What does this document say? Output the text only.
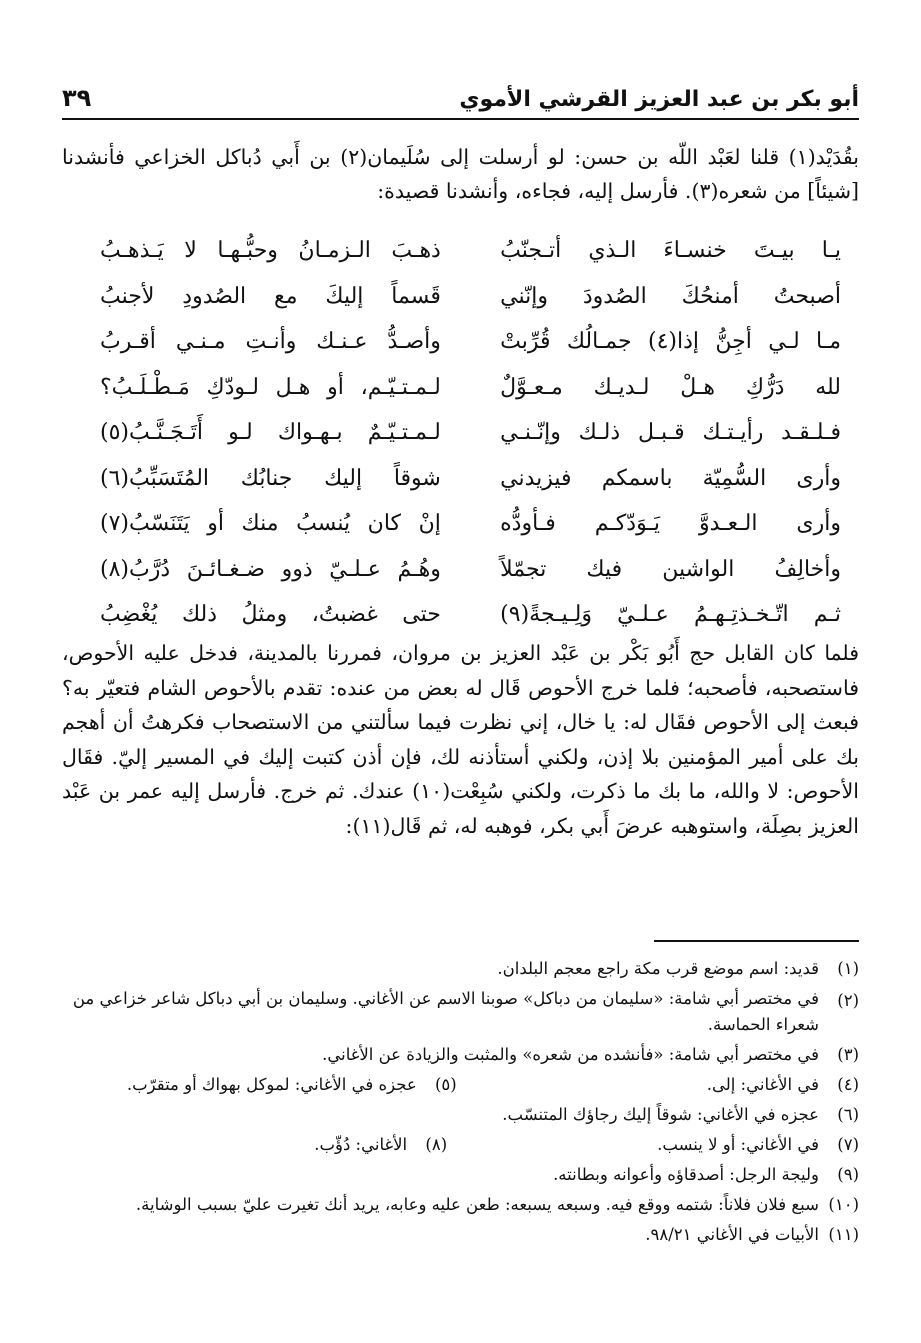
أبو بكر بن عبد العزيز القرشي الأموي
٣٩

بقُدَيْد(١) قلنا لعَبْد اللّه بن حسن: لو أرسلت إلى سُلَيمان(٢) بن أَبي دُباكل الخزاعي فأنشدنا [شيئاً] من شعره(٣). فأرسل إليه، فجاءه، وأنشدنا قصيدة:

يـا بيـتَ خنسـاءَ الـذي أتـجنّبُ
ذهـبَ الـزمـانُ وحبُّـهـا لا يَـذهـبُ
أصبحتُ أمنحُكَ الصُدودَ وإنّني
قَسماً إليكَ مع الصُدودِ لأجنبُ
مـا لـي أجِنُّ إذا(٤) جمـالُك قُرِّبتْ
وأصـدُّ عـنـك وأنـتِ مـنـي أقـربُ
لله دَرُّكِ هـلْ لـديـك مـعـوَّلٌ
لـمـتـيّـم، أو هـل لـودّكِ مَـطْـلَـبُ؟
فـلـقـد رأيـتـك قـبـل ذلـك وإنّـنـي
لـمـتـيّـمٌ بـهـواك لـو أَتَـجَـنَّـبُ(٥)
وأرى السُّمِيّة باسمكم فيزيدني
شوقاً إليك جنابُك المُتَسَبِّبُ(٦)
وأرى الـعـدوَّ يَـوَدّكـم فـأودُّه
إنْ كان يُنسبُ منك أو يَتَنَسّبُ(٧)
وأخالِفُ الواشين فيك تجمّلاً
وهُـمُ عـلـيّ ذوو ضـغـائـنَ دُرَّبُ(٨)
ثـم اتّـخـذتِـهـمُ عـلـيّ وَلِـيـجةً(٩)
حتى غضبتُ، ومثلُ ذلك يُغْضِبُ

فلما كان القابل حج أَبُو بَكْر بن عَبْد العزيز بن مروان، فمررنا بالمدينة، فدخل عليه الأحوص، فاستصحبه، فأصحبه؛ فلما خرج الأحوص قَال له بعض من عنده: تقدم بالأحوص الشام فتعيّر به؟ فبعث إلى الأحوص فقَال له: يا خال، إني نظرت فيما سألتني من الاستصحاب فكرهتُ أن أهجم بك على أمير المؤمنين بلا إذن، ولكني أستأذنه لك، فإن أذن كتبت إليك في المسير إليّ. فقَال الأحوص: لا والله، ما بك ما ذكرت، ولكني سُبِعْت(١٠) عندك. ثم خرج. فأرسل إليه عمر بن عَبْد العزيز بصِلَة، واستوهبه عرضَ أَبي بكر، فوهبه له، ثم قَال(١١):

(١)
قديد: اسم موضع قرب مكة راجع معجم البلدان.
(٢)
في مختصر أبي شامة: «سليمان من دباكل» صوبنا الاسم عن الأغاني. وسليمان بن أبي دباكل شاعر خزاعي من شعراء الحماسة.
(٣)
في مختصر أبي شامة: «فأنشده من شعره» والمثبت والزيادة عن الأغاني.
(٤)
في الأغاني: إلى.
(٥)
عجزه في الأغاني: لموكل بهواك أو متقرّب.
(٦)
عجزه في الأغاني: شوقاً إليك رجاؤك المتنسّب.
(٧)
في الأغاني: أو لا ينسب.
(٨)
الأغاني: دُؤّب.
(٩)
وليجة الرجل: أصدقاؤه وأعوانه وبطانته.
(١٠)
سبع فلان فلاناً: شتمه ووقع فيه. وسبعه يسبعه: طعن عليه وعابه، يريد أنك تغيرت عليّ بسبب الوشاية.
(١١)
الأبيات في الأغاني ٩٨/٢١.
